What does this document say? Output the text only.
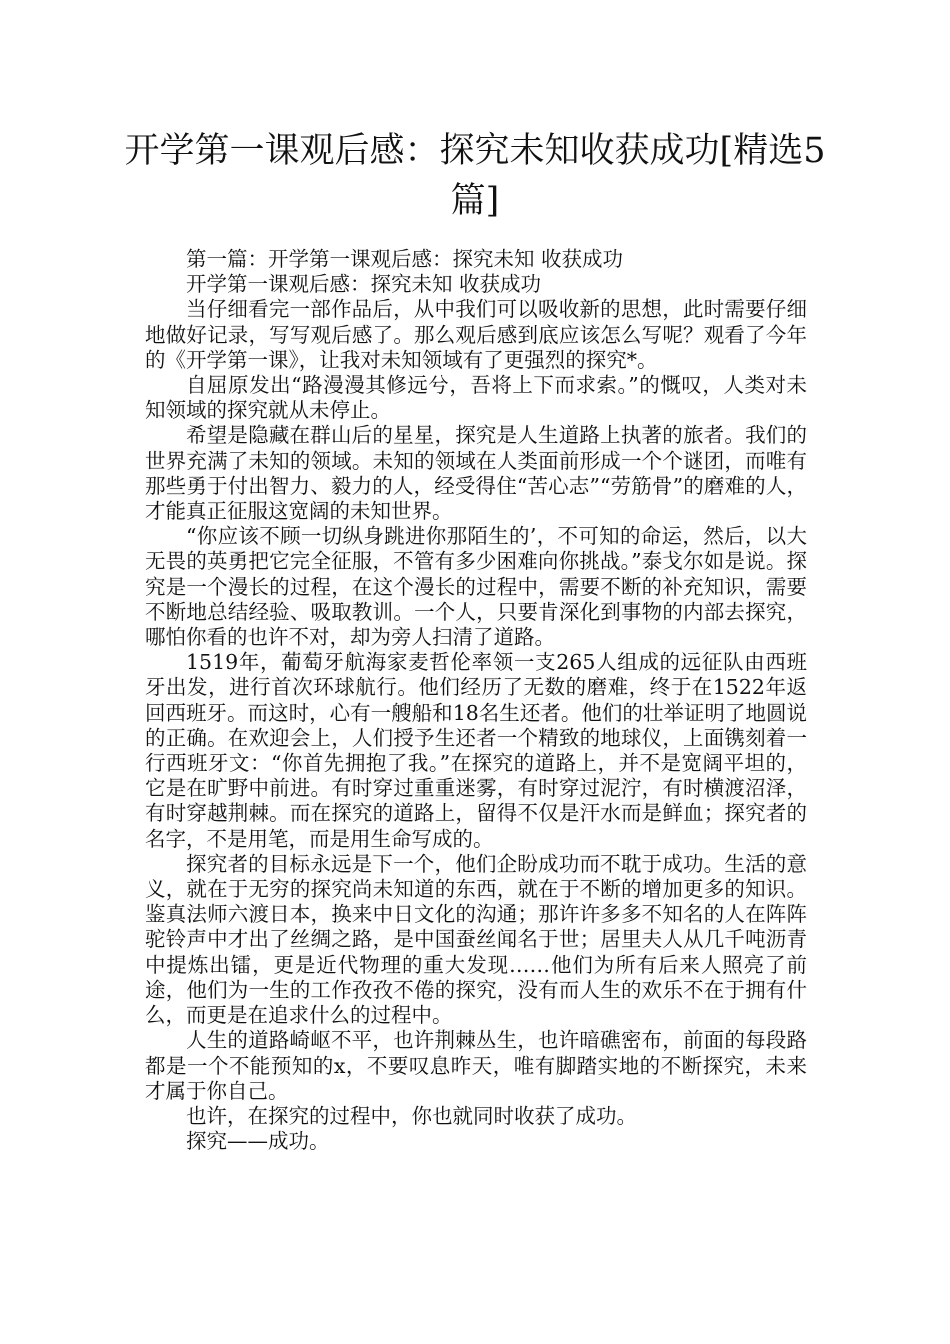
开学第一课观后感：探究未知收获成功[精选5篇]

第一篇：开学第一课观后感：探究未知 收获成功

开学第一课观后感：探究未知 收获成功

当仔细看完一部作品后，从中我们可以吸收新的思想，此时需要仔细地做好记录，写写观后感了。那么观后感到底应该怎么写呢？观看了今年的《开学第一课》，让我对未知领域有了更强烈的探究*。

自屈原发出“路漫漫其修远兮，吾将上下而求索。”的慨叹，人类对未知领域的探究就从未停止。

希望是隐藏在群山后的星星，探究是人生道路上执著的旅者。我们的世界充满了未知的领域。未知的领域在人类面前形成一个个谜团，而唯有那些勇于付出智力、毅力的人，经受得住“苦心志”“劳筋骨”的磨难的人，才能真正征服这宽阔的未知世界。

“你应该不顾一切纵身跳进你那陌生的’，不可知的命运，然后，以大无畏的英勇把它完全征服，不管有多少困难向你挑战。”泰戈尔如是说。探究是一个漫长的过程，在这个漫长的过程中，需要不断的补充知识，需要不断地总结经验、吸取教训。一个人，只要肯深化到事物的内部去探究，哪怕你看的也许不对，却为旁人扫清了道路。

1519年，葡萄牙航海家麦哲伦率领一支265人组成的远征队由西班牙出发，进行首次环球航行。他们经历了无数的磨难，终于在1522年返回西班牙。而这时，心有一艘船和18名生还者。他们的壮举证明了地圆说的正确。在欢迎会上，人们授予生还者一个精致的地球仪，上面镌刻着一行西班牙文：“你首先拥抱了我。”在探究的道路上，并不是宽阔平坦的，它是在旷野中前进。有时穿过重重迷雾，有时穿过泥泞，有时横渡沼泽，有时穿越荆棘。而在探究的道路上，留得不仅是汗水而是鲜血；探究者的名字，不是用笔，而是用生命写成的。

探究者的目标永远是下一个，他们企盼成功而不耽于成功。生活的意义，就在于无穷的探究尚未知道的东西，就在于不断的增加更多的知识。鉴真法师六渡日本，换来中日文化的沟通；那许许多多不知名的人在阵阵驼铃声中才出了丝绸之路，是中国蚕丝闻名于世；居里夫人从几千吨沥青中提炼出镭，更是近代物理的重大发现……他们为所有后来人照亮了前途，他们为一生的工作孜孜不倦的探究，没有而人生的欢乐不在于拥有什么，而更是在追求什么的过程中。

人生的道路崎岖不平，也许荆棘丛生，也许暗礁密布，前面的每段路都是一个不能预知的x，不要叹息昨天，唯有脚踏实地的不断探究，未来才属于你自己。

也许，在探究的过程中，你也就同时收获了成功。

探究——成功。
